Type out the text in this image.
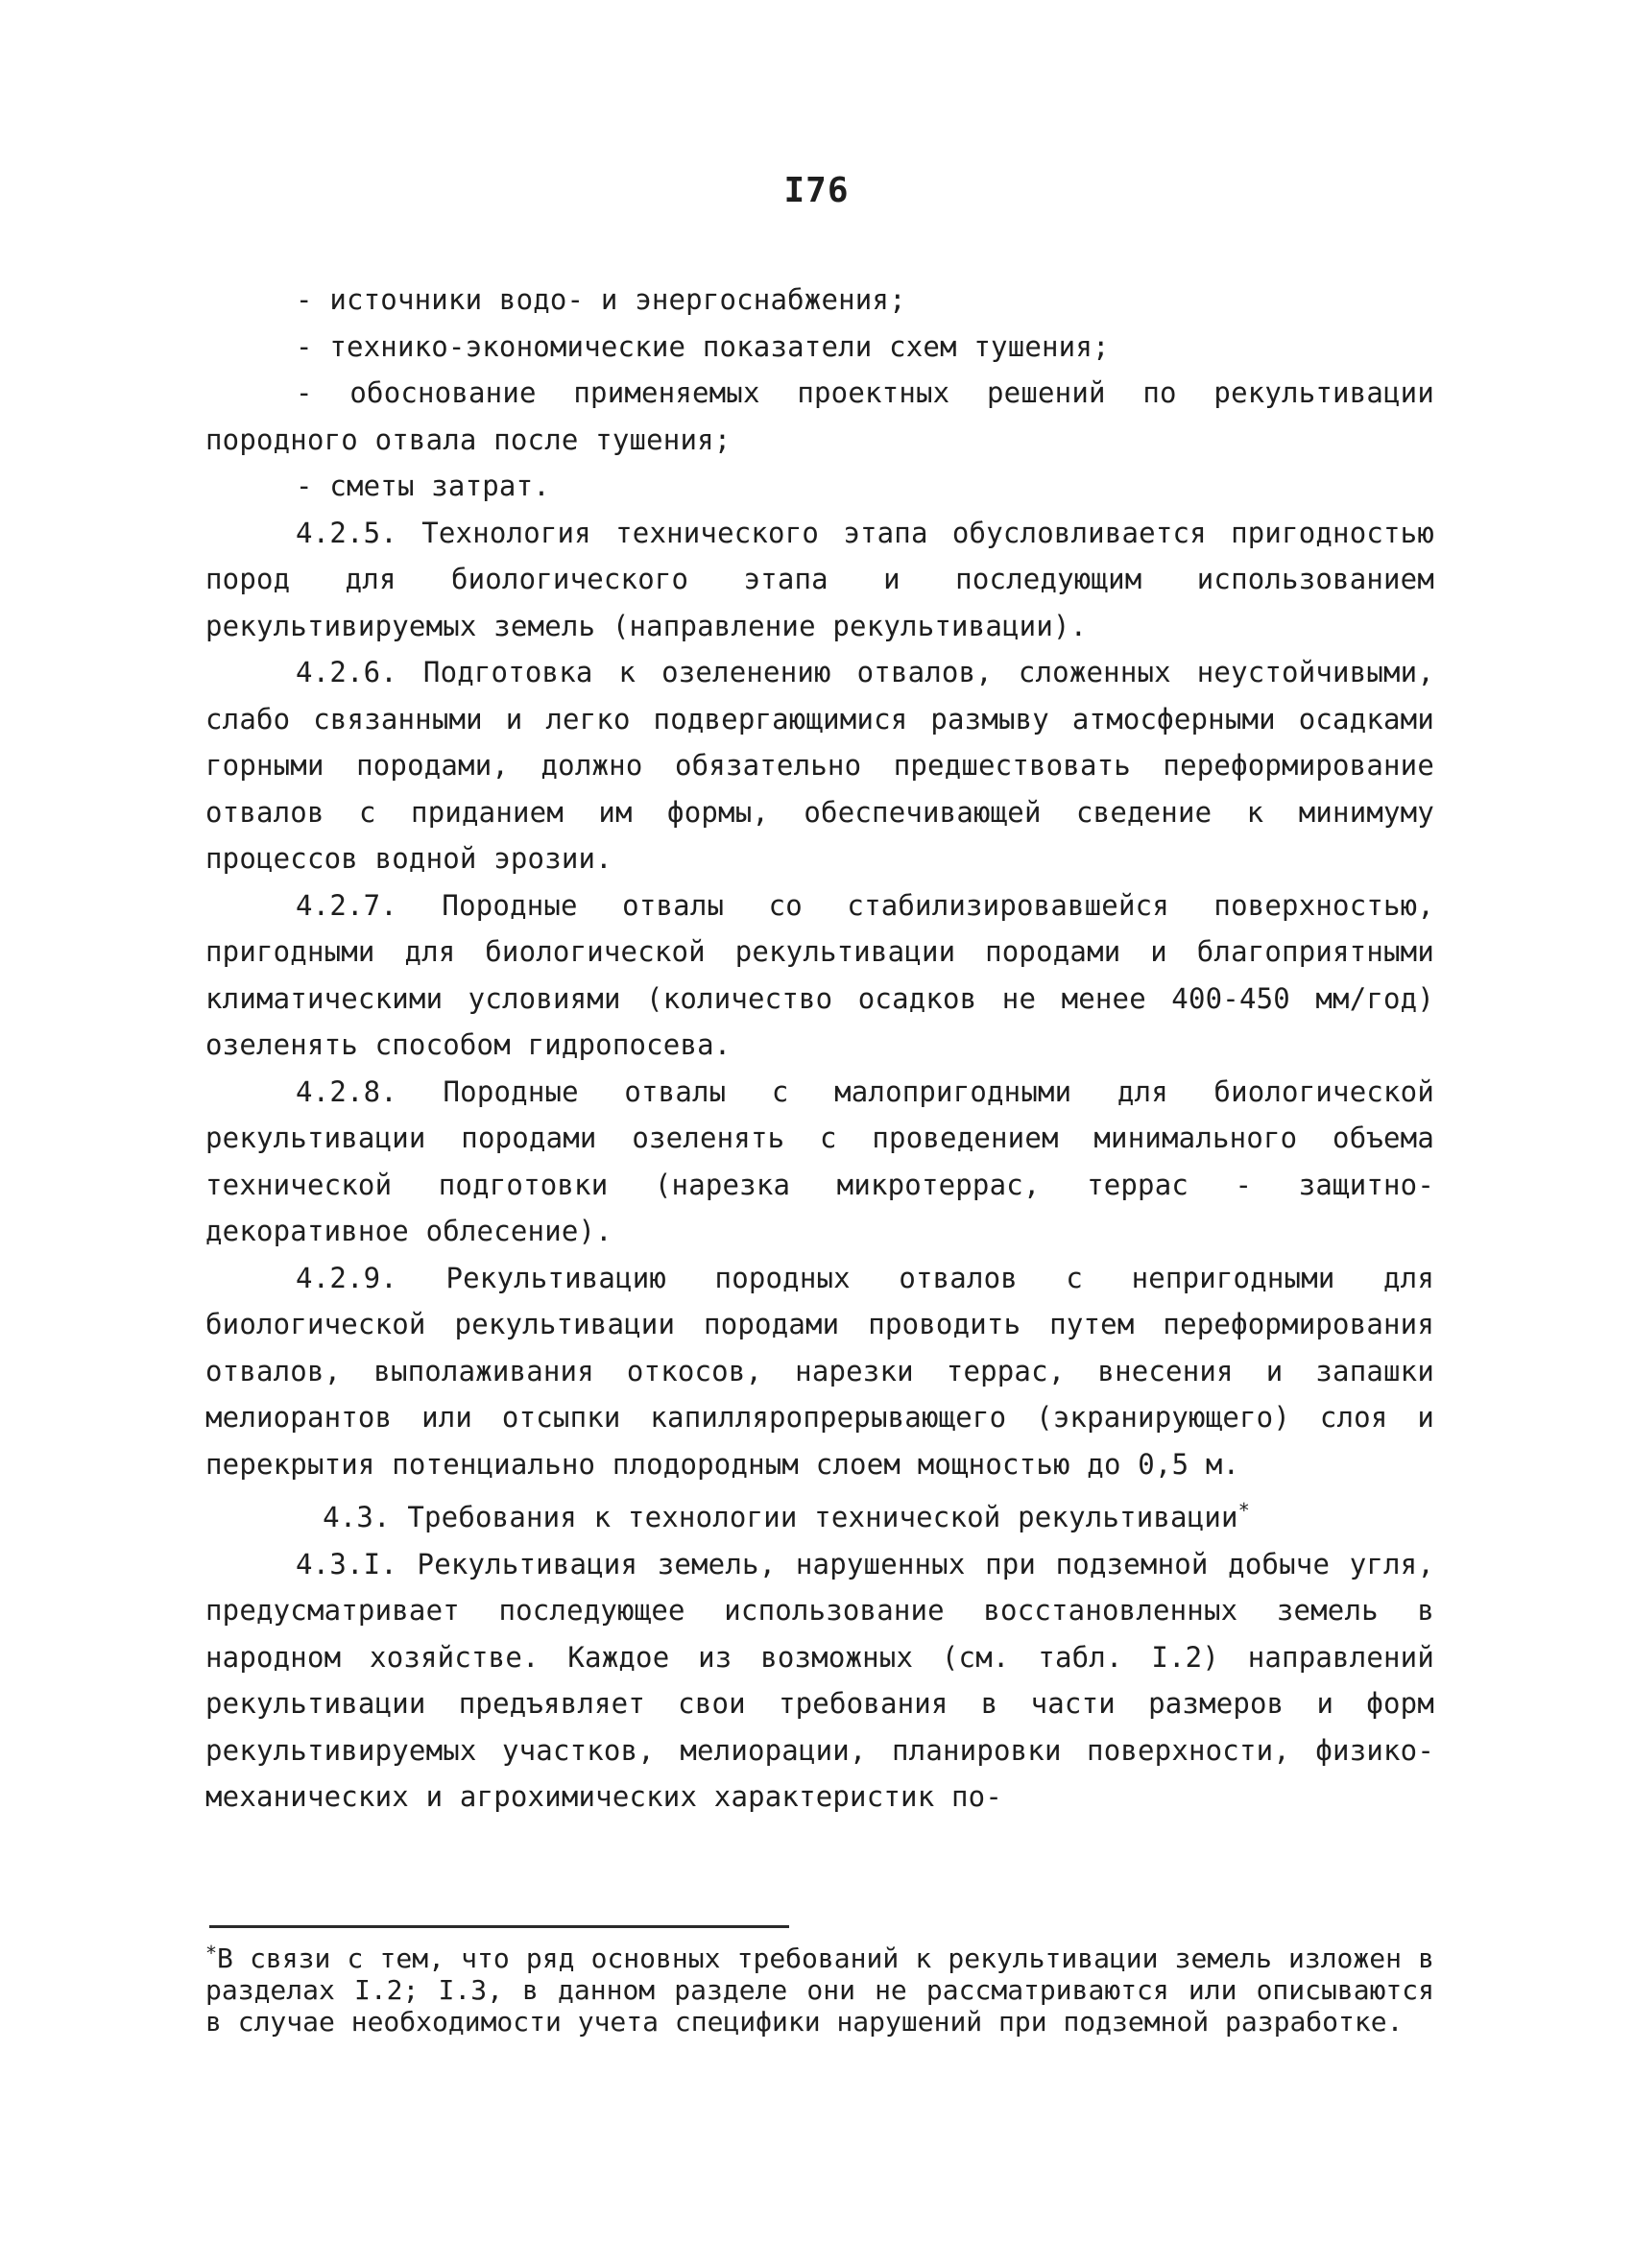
I76

- источники водо- и энергоснабжения;

- технико-экономические показатели схем тушения;

- обоснование применяемых проектных решений по рекультивации породного отвала после тушения;

- сметы затрат.

4.2.5. Технология технического этапа обусловливается пригодностью пород для биологического этапа и последующим использованием рекультивируемых земель (направление рекультивации).

4.2.6. Подготовка к озеленению отвалов, сложенных неустойчивыми, слабо связанными и легко подвергающимися размыву атмосферными осадками горными породами, должно обязательно предшествовать переформирование отвалов с приданием им формы, обеспечивающей сведение к минимуму процессов водной эрозии.

4.2.7. Породные отвалы со стабилизировавшейся поверхностью, пригодными для биологической рекультивации породами и благоприятными климатическими условиями (количество осадков не менее 400-450 мм/год) озеленять способом гидропосева.

4.2.8. Породные отвалы с малопригодными для биологической рекультивации породами озеленять с проведением минимального объема технической подготовки (нарезка микротеррас, террас - защитно-декоративное облесение).

4.2.9. Рекультивацию породных отвалов с непригодными для биологической рекультивации породами проводить путем переформирования отвалов, выполаживания откосов, нарезки террас, внесения и запашки мелиорантов или отсыпки капилляропрерывающего (экранирующего) слоя и перекрытия потенциально плодородным слоем мощностью до 0,5 м.

4.3. Требования к технологии технической рекультивации*

4.3.I. Рекультивация земель, нарушенных при подземной добыче угля, предусматривает последующее использование восстановленных земель в народном хозяйстве. Каждое из возможных (см. табл. I.2) направлений рекультивации предъявляет свои требования в части размеров и форм рекультивируемых участков, мелиорации, планировки поверхности, физико-механических и агрохимических характеристик по-

*В связи с тем, что ряд основных требований к рекультивации земель изложен в разделах I.2; I.3, в данном разделе они не рассматриваются или описываются в случае необходимости учета специфики нарушений при подземной разработке.
